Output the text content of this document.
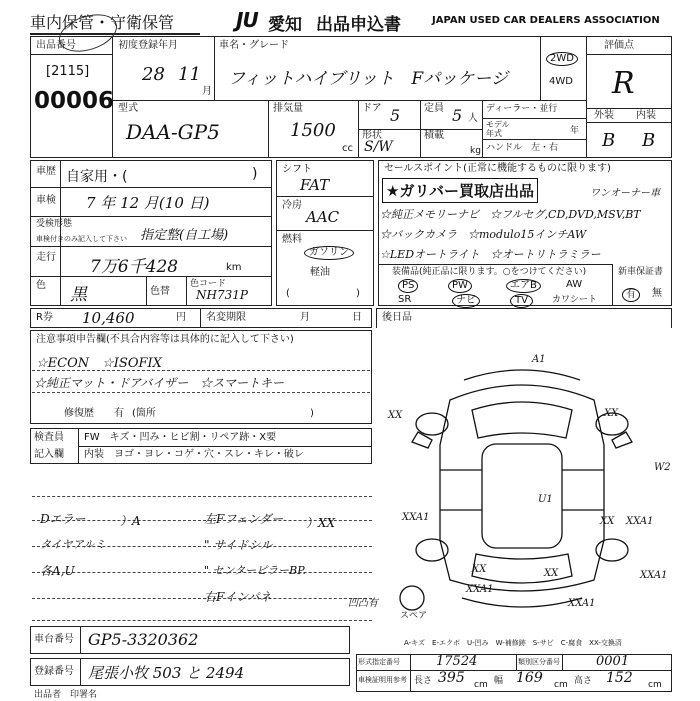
車内保管・守衛保管	JU 愛知 出品申込書	JAPAN USED CAR DEALERS ASSOCIATION
出品番号
[2115]
00006
初度登録年月
28 11
月
車名・グレード
フィットハイブリット　Fパッケージ
2WD
4WD
評価点
R
外装 内装
B B
型式
DAA-GP5
排気量
1500
cc
ドア 5 定員 5 人
形状
S/W
積載
kg
ディーラー・並行
モデル年式	年
ハンドル　左・右
車歴 自家用・(	)
車検 7 年 12 月(10 日)
受検形態
車検付きのみ記入して下さい 指定整(自工場)
走行 7万6千428	km
色 黒	色替
色コード
NH731P
シフト
FAT
冷房
AAC
燃料
ガソリン
軽油
(	)
セールスポイント(正常に機能するものに限ります)
★ガリバー買取店出品	ワンオーナー車
☆純正メモリーナビ　☆フルセグ,CD,DVD,MSV,BT
☆バックカメラ　☆modulo15インチAW
☆LEDオートライト　☆オートリトラミラー
装備品(純正品に限ります。○をつけてください)
PS	PW	エアB	AW
SR	ナビ	TV	カワシート
新車保証書
有	無
R券 10,460	円 名変期限	月	日
注意事項申告欄(不具合内容等は具体的に記入して下さい)
☆ECON　☆ISOFIX
☆純正マット・ドアバイザー　☆スマートキー
修復歴 有 (箇所	)
検査員
記入欄
FW　キズ・凹み・ヒビ割・リペア跡・X要
内装　ヨゴ・ヨレ・コゲ・穴・スレ・キレ・破レ
Dエラー	）A	左Fフェンダー ）XX
タイヤアルミ	" サイドシル
各A,U	" センターピラーBP.
右Fインパネ　	凹凸有
後日品
A1
XX	XX
W2
XXA1
XX
U1
XX XXA1
XXA1
XX	XXA1
XXA1
スペア
A-キズ　E-エクボ　U-凹み　W-補修跡　S-サビ　C-腐食　XX-交換済
車台番号 GP5-3320362
登録番号 尾張小牧 503 と 2494
形式指定番号	17524	類別区分番号	0001
車検証明用参考 長さ 395 cm 幅 169 cm 高さ 152 cm
出品者　印署名
